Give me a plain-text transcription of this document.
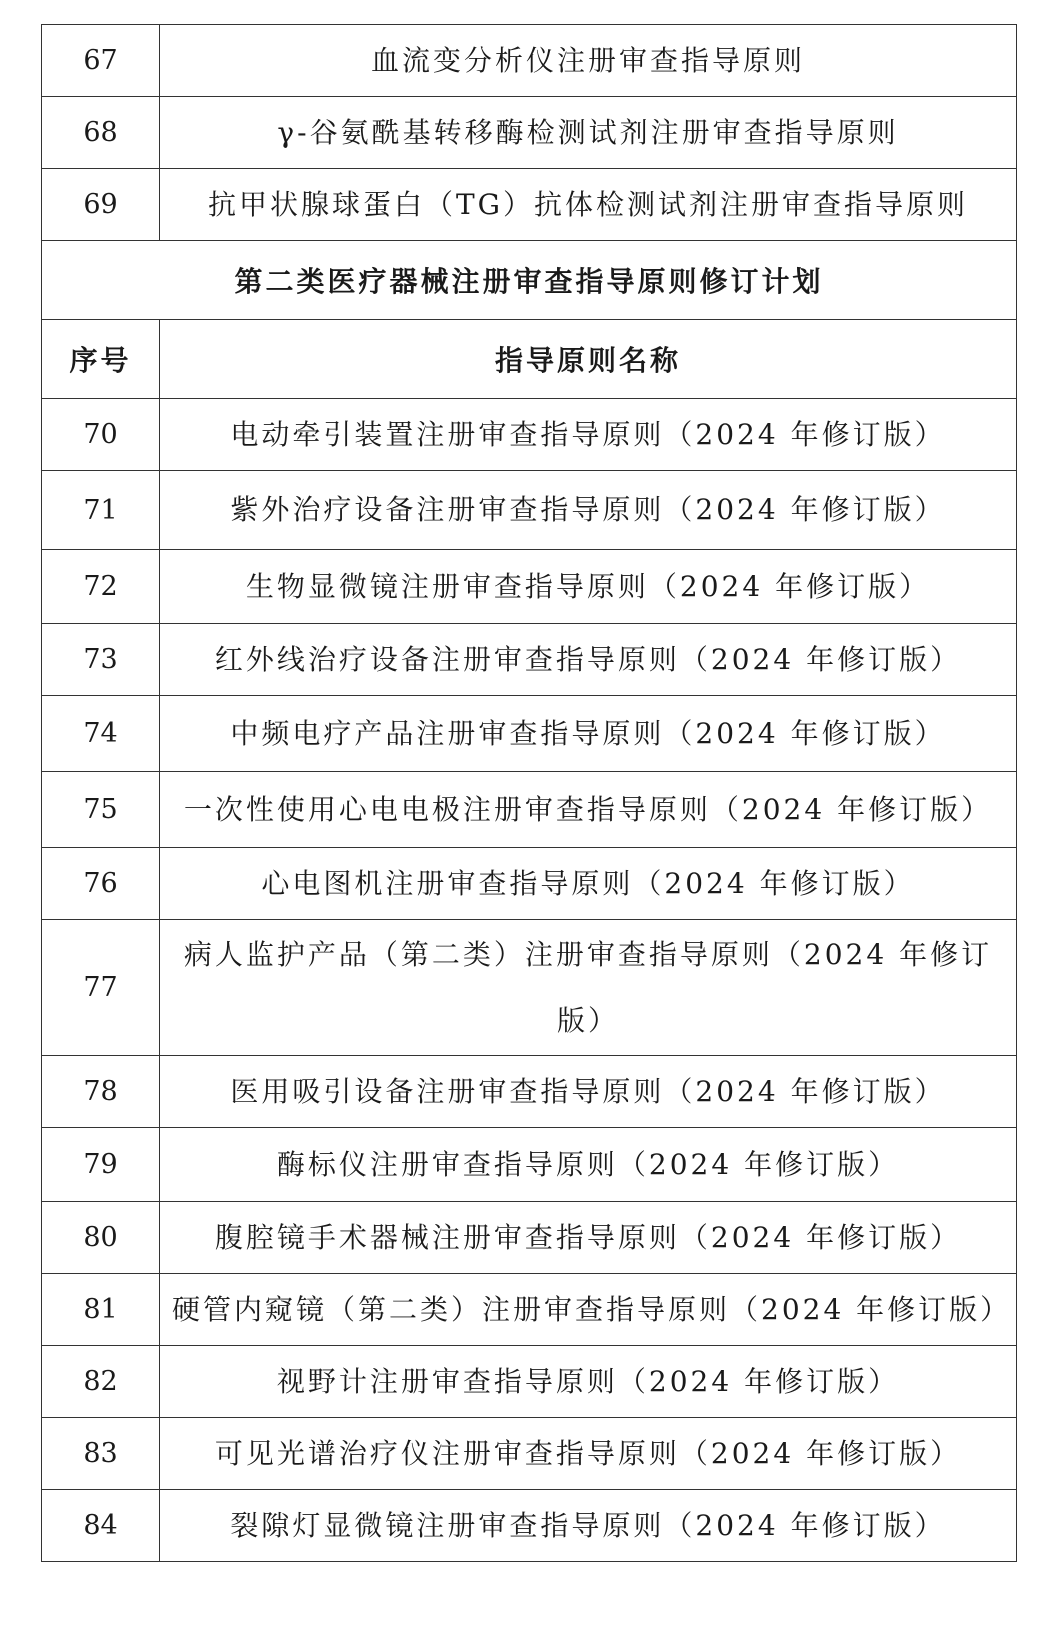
67	血流变分析仪注册审查指导原则
68	γ-谷氨酰基转移酶检测试剂注册审查指导原则
69	抗甲状腺球蛋白（TG）抗体检测试剂注册审查指导原则
第二类医疗器械注册审查指导原则修订计划	
序号	指导原则名称
70	电动牵引装置注册审查指导原则（2024 年修订版）
71	紫外治疗设备注册审查指导原则（2024 年修订版）
72	生物显微镜注册审查指导原则（2024 年修订版）
73	红外线治疗设备注册审查指导原则（2024 年修订版）
74	中频电疗产品注册审查指导原则（2024 年修订版）
75	一次性使用心电电极注册审查指导原则（2024 年修订版）
76	心电图机注册审查指导原则（2024 年修订版）
77	病人监护产品（第二类）注册审查指导原则（2024 年修订版）
78	医用吸引设备注册审查指导原则（2024 年修订版）
79	酶标仪注册审查指导原则（2024 年修订版）
80	腹腔镜手术器械注册审查指导原则（2024 年修订版）
81	硬管内窥镜（第二类）注册审查指导原则（2024 年修订版）
82	视野计注册审查指导原则（2024 年修订版）
83	可见光谱治疗仪注册审查指导原则（2024 年修订版）
84	裂隙灯显微镜注册审查指导原则（2024 年修订版）
